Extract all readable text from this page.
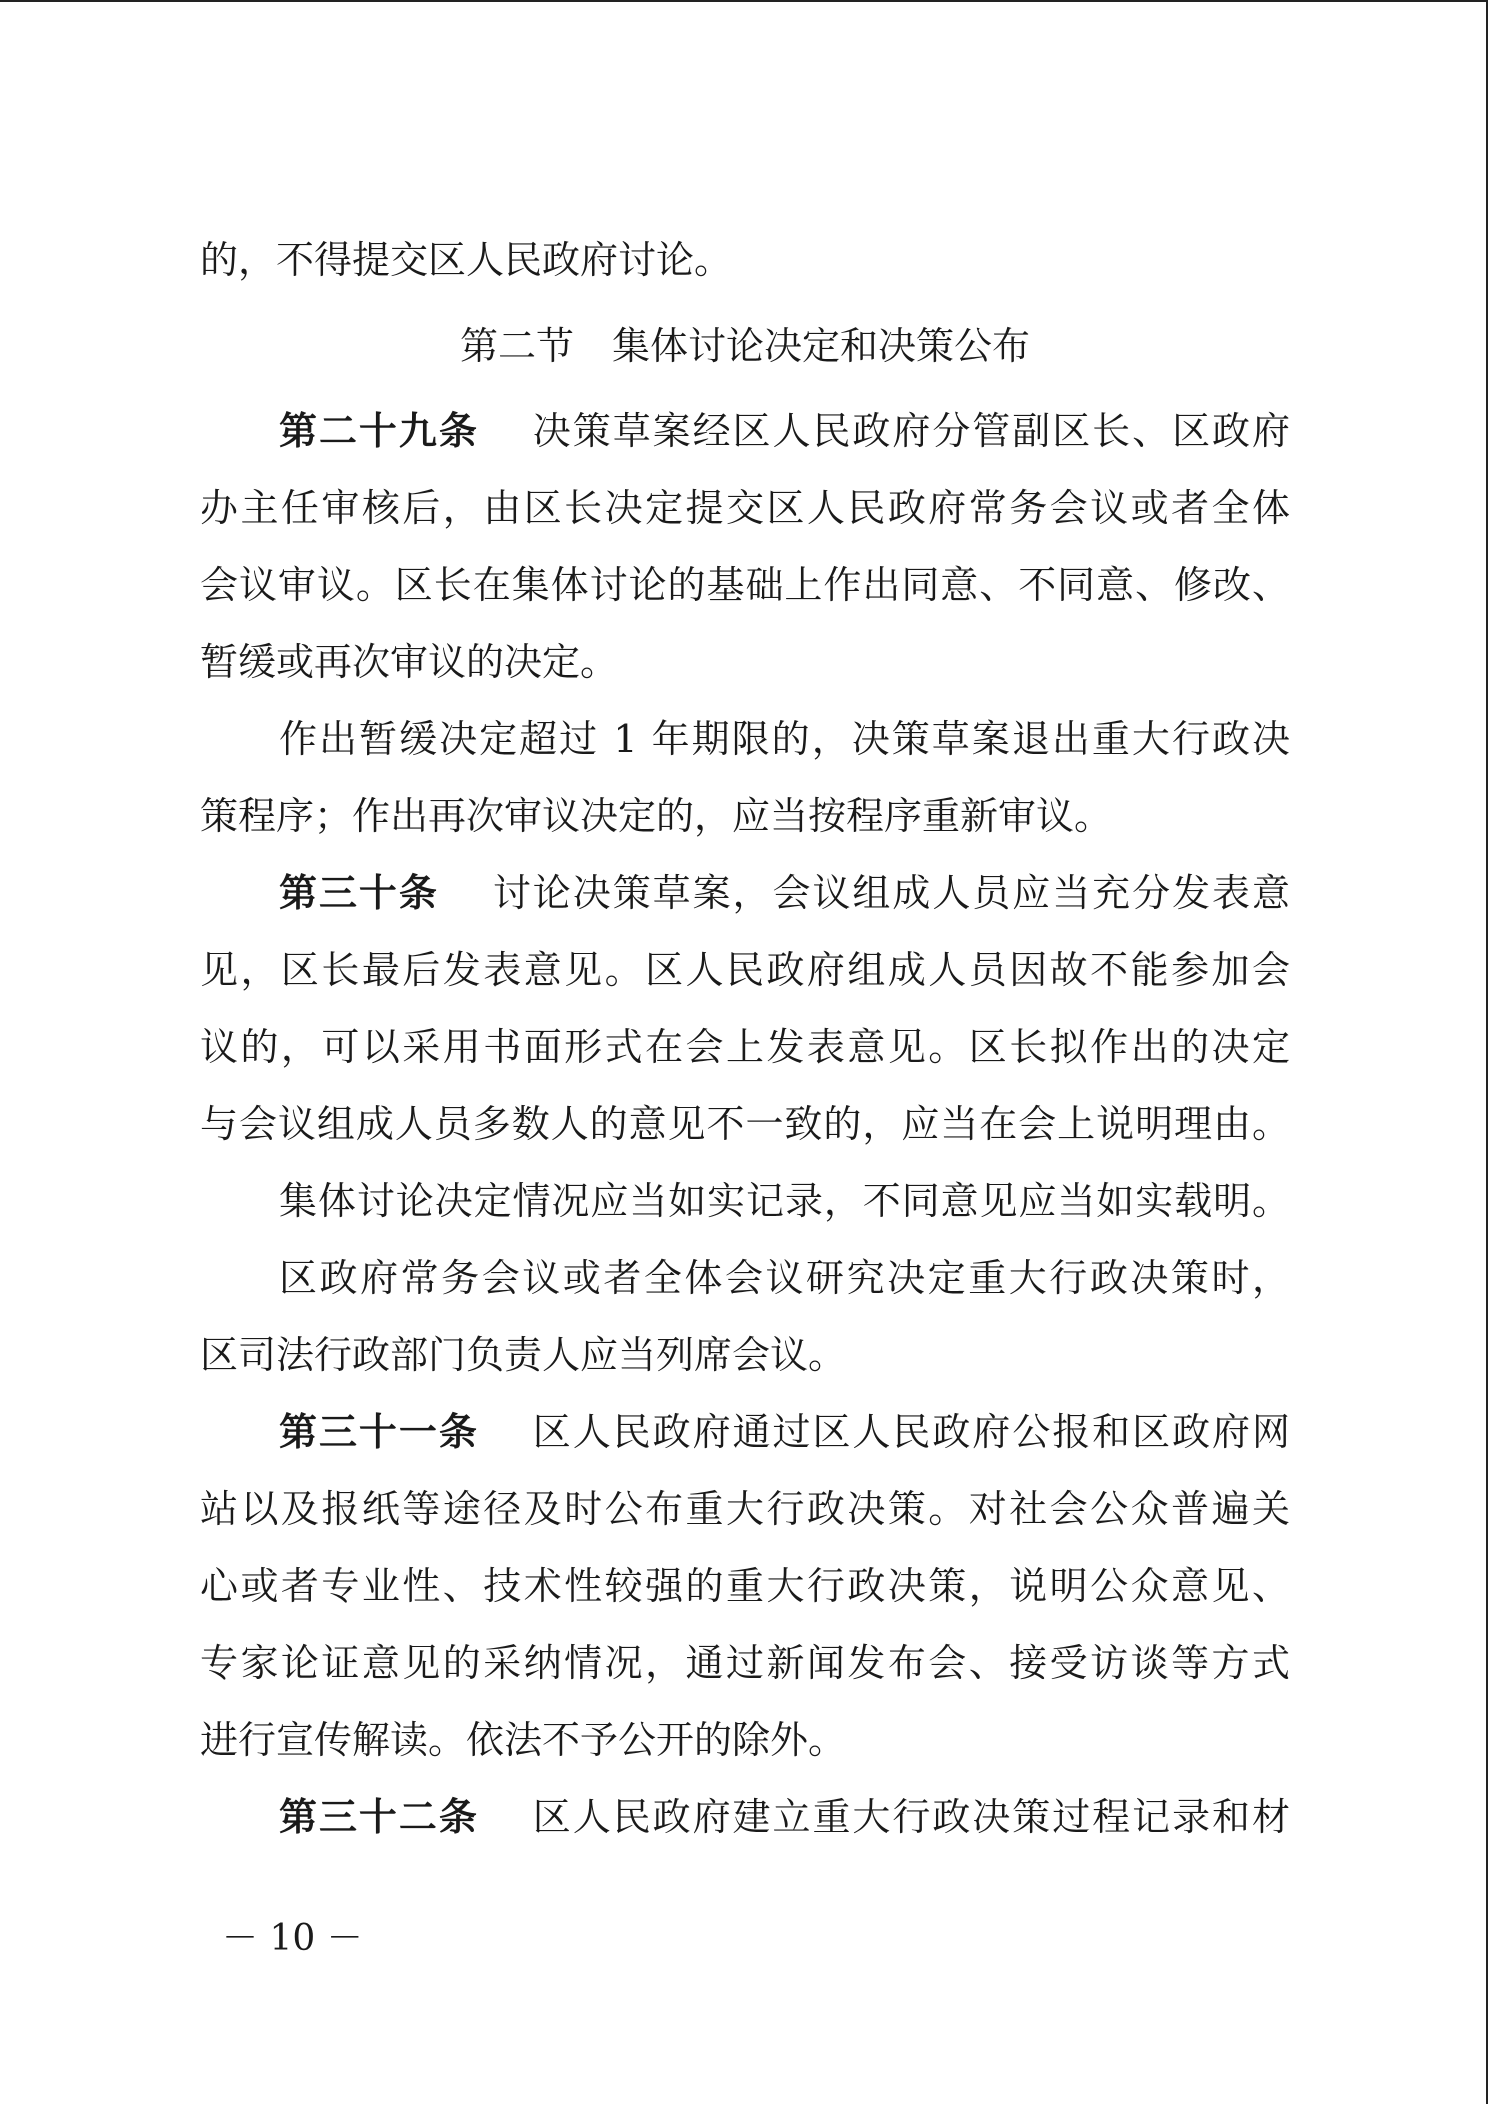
的，不得提交区人民政府讨论。
第二节　集体讨论决定和决策公布
第二十九条　 决策草案经区人民政府分管副区长、区政府
办主任审核后，由区长决定提交区人民政府常务会议或者全体
会议审议。区长在集体讨论的基础上作出同意、不同意、修改、
暂缓或再次审议的决定。
作出暂缓决定超过 1 年期限的，决策草案退出重大行政决
策程序；作出再次审议决定的，应当按程序重新审议。
第三十条　 讨论决策草案，会议组成人员应当充分发表意
见，区长最后发表意见。区人民政府组成人员因故不能参加会
议的，可以采用书面形式在会上发表意见。区长拟作出的决定
与会议组成人员多数人的意见不一致的，应当在会上说明理由。
集体讨论决定情况应当如实记录，不同意见应当如实载明。
区政府常务会议或者全体会议研究决定重大行政决策时，
区司法行政部门负责人应当列席会议。
第三十一条　 区人民政府通过区人民政府公报和区政府网
站以及报纸等途径及时公布重大行政决策。对社会公众普遍关
心或者专业性、技术性较强的重大行政决策，说明公众意见、
专家论证意见的采纳情况，通过新闻发布会、接受访谈等方式
进行宣传解读。依法不予公开的除外。
第三十二条　 区人民政府建立重大行政决策过程记录和材
－ 10 －
